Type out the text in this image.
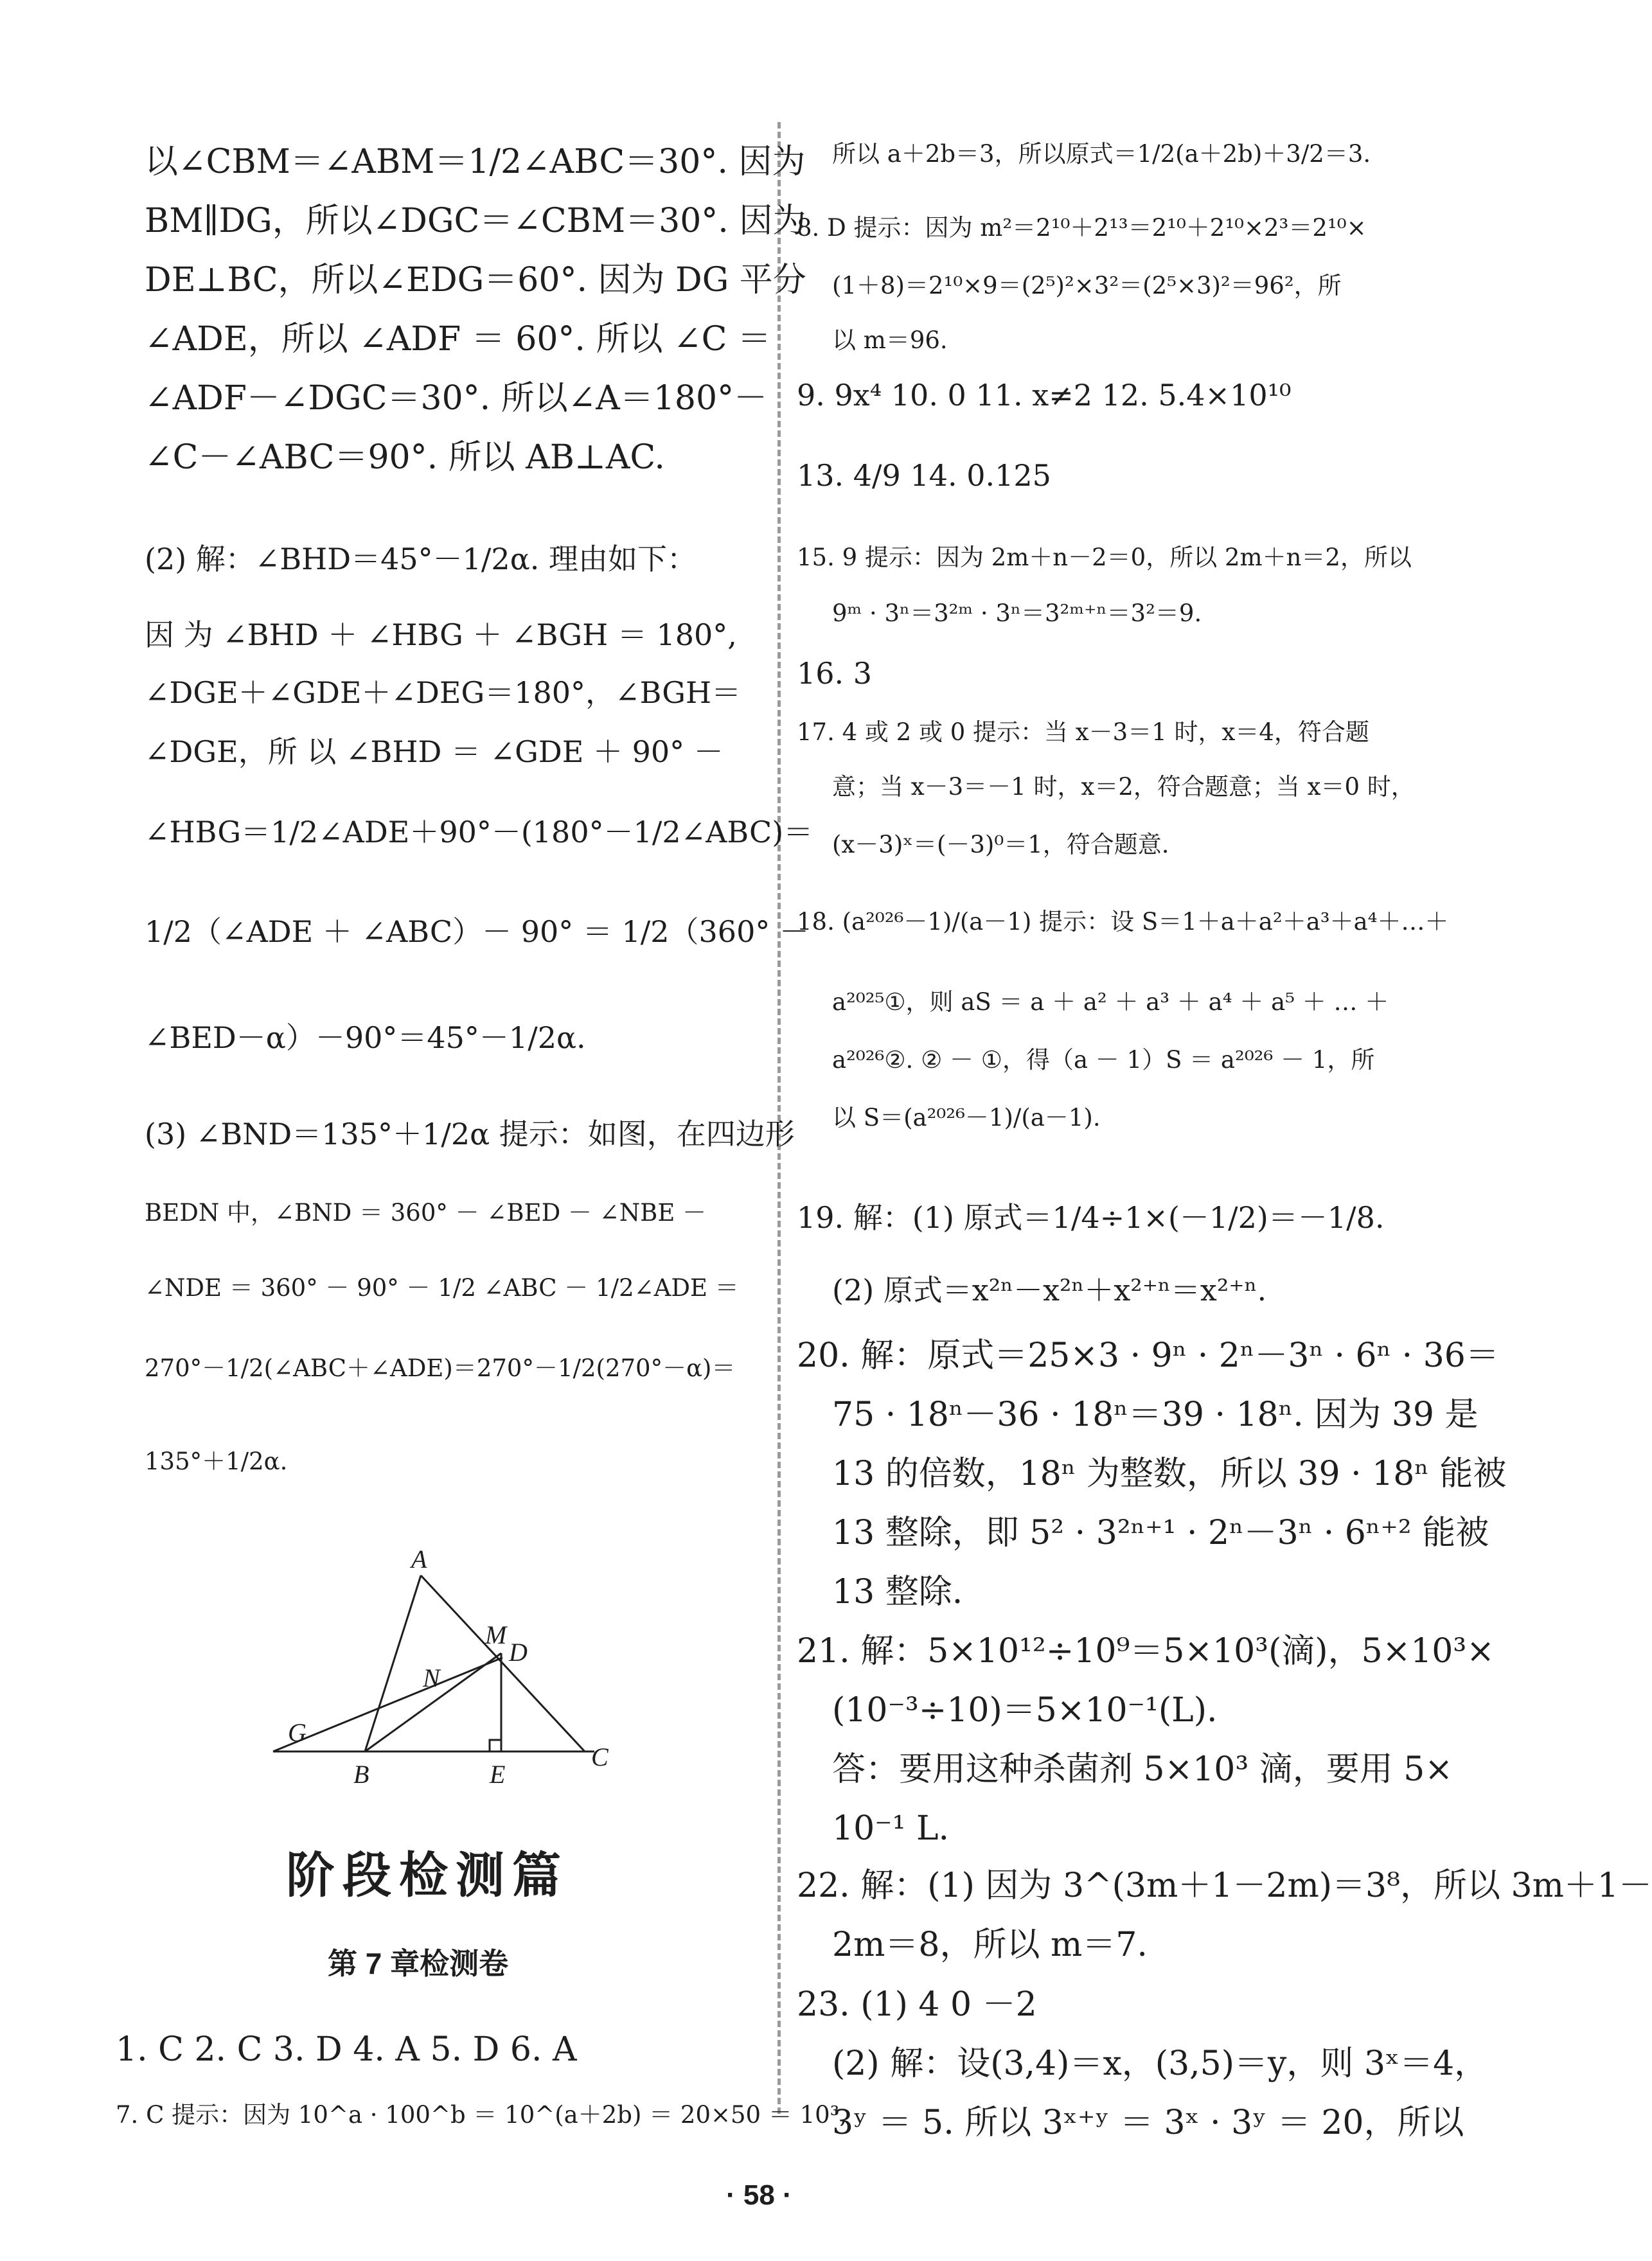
以∠CBM＝∠ABM＝1/2∠ABC＝30°. 因为
BM∥DG，所以∠DGC＝∠CBM＝30°. 因为
DE⊥BC，所以∠EDG＝60°. 因为 DG 平分
∠ADE，所以 ∠ADF ＝ 60°. 所以 ∠C ＝
∠ADF－∠DGC＝30°. 所以∠A＝180°－
∠C－∠ABC＝90°. 所以 AB⊥AC.
(2) 解：∠BHD＝45°－1/2α. 理由如下：
因 为 ∠BHD ＋ ∠HBG ＋ ∠BGH ＝ 180°,
∠DGE＋∠GDE＋∠DEG＝180°，∠BGH＝
∠DGE，所 以 ∠BHD ＝ ∠GDE ＋ 90° －
∠HBG＝1/2∠ADE＋90°－(180°－1/2∠ABC)＝
1/2（∠ADE ＋ ∠ABC）－ 90° ＝ 1/2（360° －
∠BED－α）－90°＝45°－1/2α.
(3) ∠BND＝135°＋1/2α 提示：如图，在四边形
BEDN 中，∠BND ＝ 360° － ∠BED － ∠NBE －
∠NDE ＝ 360° － 90° － 1/2 ∠ABC － 1/2∠ADE ＝
270°－1/2(∠ABC＋∠ADE)＝270°－1/2(270°－α)＝
135°＋1/2α.
A
M
D
N
G
B	E
C
阶段检测篇
第 7 章检测卷
1. C 2. C 3. D 4. A 5. D 6. A
7. C 提示：因为 10^a · 100^b ＝ 10^(a＋2b) ＝ 20×50 ＝ 10³,
所以 a＋2b＝3，所以原式＝1/2(a＋2b)＋3/2＝3.
8. D 提示：因为 m²＝2¹⁰＋2¹³＝2¹⁰＋2¹⁰×2³＝2¹⁰×
(1＋8)＝2¹⁰×9＝(2⁵)²×3²＝(2⁵×3)²＝96²，所
以 m＝96.
9. 9x⁴ 10. 0 11. x≠2 12. 5.4×10¹⁰
13. 4/9 14. 0.125
15. 9 提示：因为 2m＋n－2＝0，所以 2m＋n＝2，所以
9ᵐ · 3ⁿ＝3²ᵐ · 3ⁿ＝3²ᵐ⁺ⁿ＝3²＝9.
16. 3
17. 4 或 2 或 0 提示：当 x－3＝1 时，x＝4，符合题
意；当 x－3＝－1 时，x＝2，符合题意；当 x＝0 时，
(x－3)ˣ＝(－3)⁰＝1，符合题意.
18. (a²⁰²⁶－1)/(a－1) 提示：设 S＝1＋a＋a²＋a³＋a⁴＋…＋
a²⁰²⁵①，则 aS ＝ a ＋ a² ＋ a³ ＋ a⁴ ＋ a⁵ ＋ … ＋
a²⁰²⁶②. ② － ①，得（a － 1）S ＝ a²⁰²⁶ － 1，所
以 S＝(a²⁰²⁶－1)/(a－1).
19. 解：(1) 原式＝1/4÷1×(－1/2)＝－1/8.
(2) 原式＝x²ⁿ－x²ⁿ＋x²⁺ⁿ＝x²⁺ⁿ.
20. 解：原式＝25×3 · 9ⁿ · 2ⁿ－3ⁿ · 6ⁿ · 36＝
75 · 18ⁿ－36 · 18ⁿ＝39 · 18ⁿ. 因为 39 是
13 的倍数，18ⁿ 为整数，所以 39 · 18ⁿ 能被
13 整除，即 5² · 3²ⁿ⁺¹ · 2ⁿ－3ⁿ · 6ⁿ⁺² 能被
13 整除.
21. 解：5×10¹²÷10⁹＝5×10³(滴)，5×10³×
(10⁻³÷10)＝5×10⁻¹(L).
答：要用这种杀菌剂 5×10³ 滴，要用 5×
10⁻¹ L.
22. 解：(1) 因为 3^(3m＋1－2m)＝3⁸，所以 3m＋1－
2m＝8，所以 m＝7.
23. (1) 4 0 －2
(2) 解：设(3,4)＝x，(3,5)＝y，则 3ˣ＝4，
3ʸ ＝ 5. 所以 3ˣ⁺ʸ ＝ 3ˣ · 3ʸ ＝ 20，所以
· 58 ·
